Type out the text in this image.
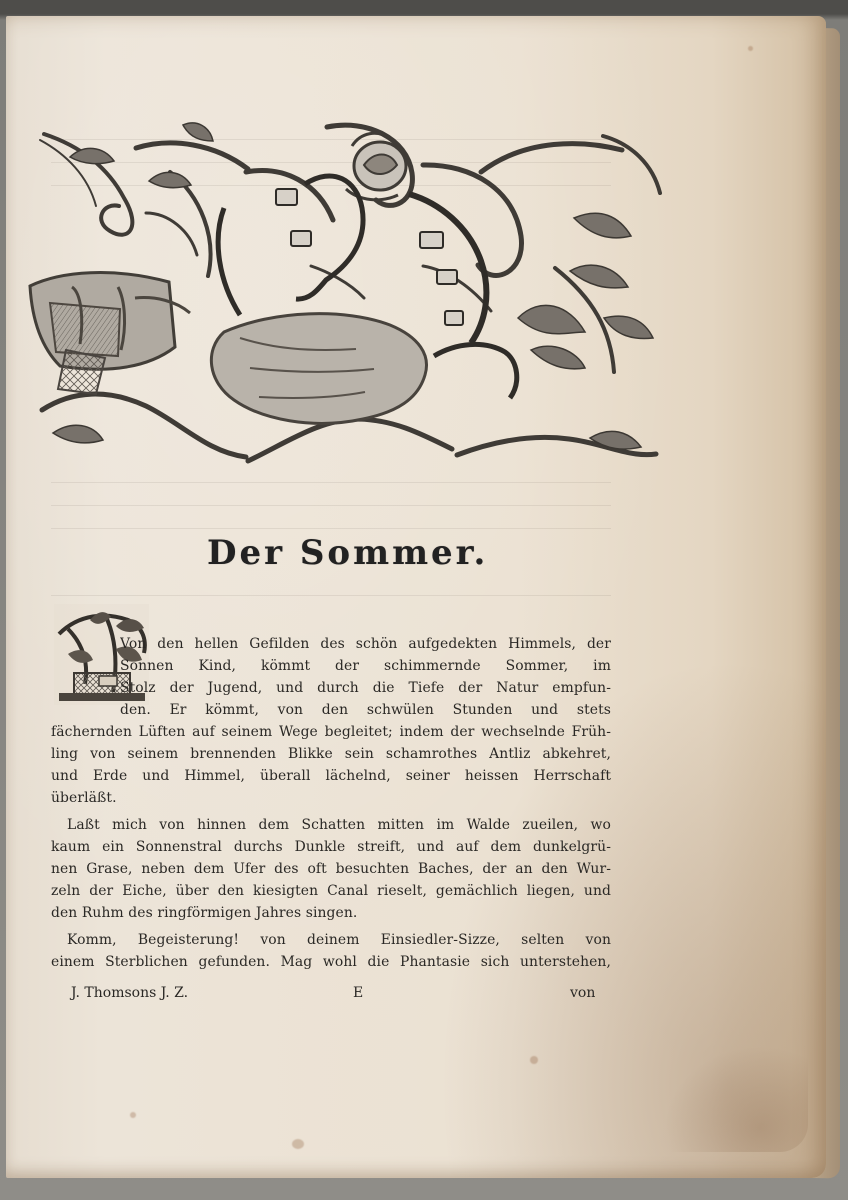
Der Sommer.
Von den hellen Gefilden des schön aufgedekten Himmels, der
Sonnen Kind, kömmt der schimmernde Sommer, im
Stolz der Jugend, und durch die Tiefe der Natur empfun-
den. Er kömmt, von den schwülen Stunden und stets
fächernden Lüften auf seinem Wege begleitet; indem der wechselnde Früh-
ling von seinem brennenden Blikke sein schamrothes Antliz abkehret,
und Erde und Himmel, überall lächelnd, seiner heissen Herrschaft
überläßt.
Laßt mich von hinnen dem Schatten mitten im Walde zueilen, wo
kaum ein Sonnenstral durchs Dunkle streift, und auf dem dunkelgrü-
nen Grase, neben dem Ufer des oft besuchten Baches, der an den Wur-
zeln der Eiche, über den kiesigten Canal rieselt, gemächlich liegen, und
den Ruhm des ringförmigen Jahres singen.
Komm, Begeisterung! von deinem Einsiedler-Sizze, selten von
einem Sterblichen gefunden. Mag wohl die Phantasie sich unterstehen,
J. Thomsons J. Z.	E	von
